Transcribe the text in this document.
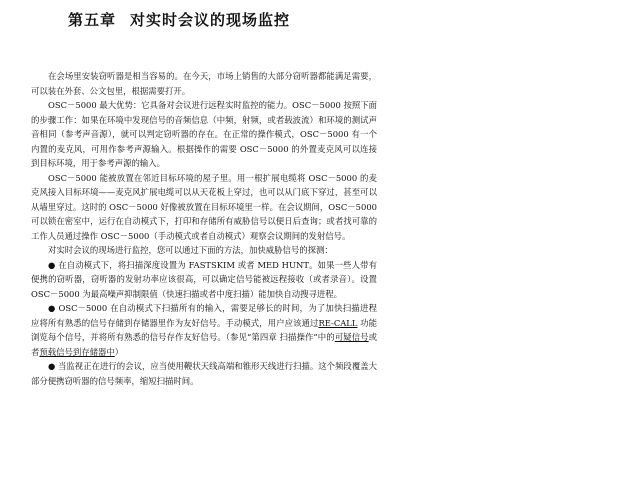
第五章 对实时会议的现场监控

在会场里安装窃听器是相当容易的。在今天，市场上销售的大部分窃听器都能满足需要，可以装在外套、公文包里，根据需要打开。

OSC－5000 最大优势：它具备对会议进行远程实时监控的能力。OSC－5000 按照下面的步骤工作：如果在环境中发现信号的音频信息（中频，射频，或者载波流）和环境的测试声音相同（参考声音源），就可以判定窃听器的存在。在正常的操作模式，OSC－5000 有一个内置的麦克风，可用作参考声源输入。根据操作的需要 OSC－5000 的外置麦克风可以连接到目标环境，用于参考声源的输入。

OSC－5000 能被放置在邻近目标环境的屋子里。用一根扩展电缆将 OSC－5000 的麦克风接入目标环境——麦克风扩展电缆可以从天花板上穿过，也可以从门底下穿过，甚至可以从墙里穿过。这时的 OSC－5000 好像被放置在目标环境里一样。在会议期间，OSC－5000 可以锁在密室中，运行在自动模式下，打印和存储所有威胁信号以便日后查询；或者找可靠的工作人员通过操作 OSC－5000（手动模式或者自动模式）观察会议期间的发射信号。

对实时会议的现场进行监控，您可以通过下面的方法，加快威胁信号的探测：

● 在自动模式下，将扫描深度设置为 FASTSKIM 或者 MED HUNT。如果一些人带有便携的窃听器，窃听器的发射功率应该很高，可以确定信号能被远程接收（或者录音）。设置 OSC－5000 为最高噪声抑制限值（快速扫描或者中度扫描）能加快自动搜寻进程。

● OSC－5000 在自动模式下扫描所有的输入，需要足够长的时间，为了加快扫描进程应将所有熟悉的信号存储到存储器里作为友好信号。手动模式，用户应该通过RE-CALL 功能浏览每个信号，并将所有熟悉的信号存作友好信号。（参见“第四章 扫描操作”中的可疑信号或者预载信号到存储器中）

● 当监视正在进行的会议，应当使用鞭状天线高端和锥形天线进行扫描。这个频段覆盖大部分便携窃听器的信号频率，缩短扫描时间。
